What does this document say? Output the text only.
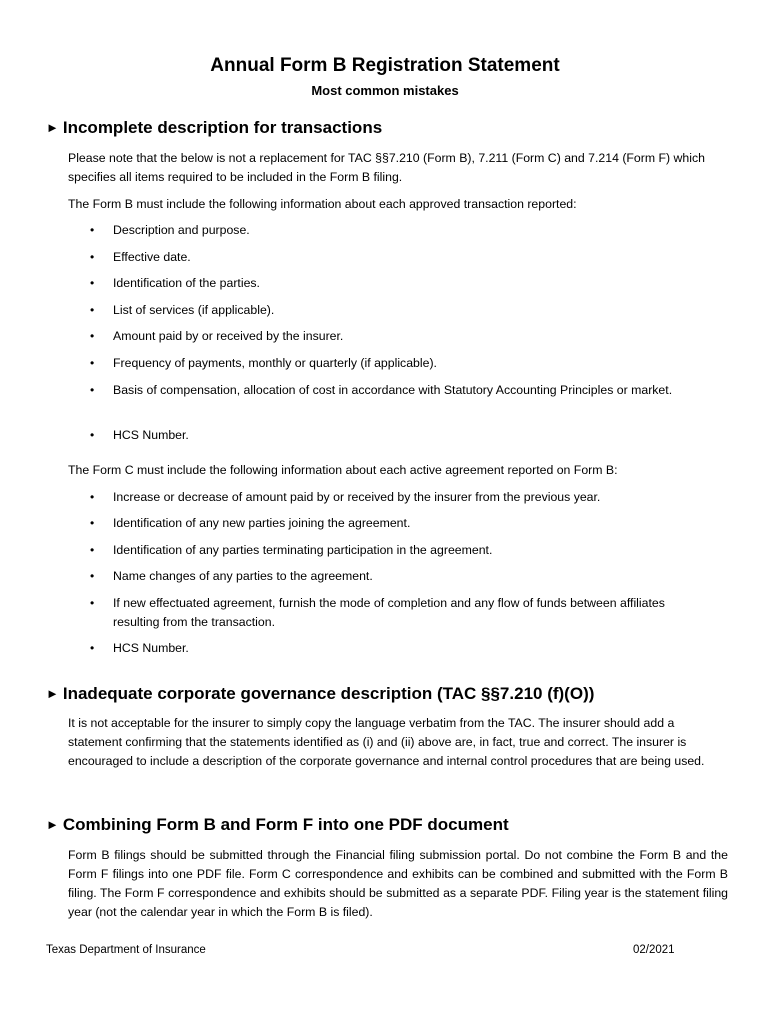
Annual Form B Registration Statement
Most common mistakes
► Incomplete description for transactions

Please note that the below is not a replacement for TAC §§7.210 (Form B), 7.211 (Form C) and 7.214 (Form F) which specifies all items required to be included in the Form B filing.

The Form B must include the following information about each approved transaction reported:

• Description and purpose.
• Effective date.
• Identification of the parties.
• List of services (if applicable).
• Amount paid by or received by the insurer.
• Frequency of payments, monthly or quarterly (if applicable).
• Basis of compensation, allocation of cost in accordance with Statutory Accounting Principles or market.
• HCS Number.

The Form C must include the following information about each active agreement reported on Form B:

• Increase or decrease of amount paid by or received by the insurer from the previous year.
• Identification of any new parties joining the agreement.
• Identification of any parties terminating participation in the agreement.
• Name changes of any parties to the agreement.
• If new effectuated agreement, furnish the mode of completion and any flow of funds between affiliates resulting from the transaction.
• HCS Number.
► Inadequate corporate governance description (TAC §§7.210 (f)(O))

It is not acceptable for the insurer to simply copy the language verbatim from the TAC. The insurer should add a statement confirming that the statements identified as (i) and (ii) above are, in fact, true and correct. The insurer is encouraged to include a description of the corporate governance and internal control procedures that are being used.

► Combining Form B and Form F into one PDF document

Form B filings should be submitted through the Financial filing submission portal. Do not combine the Form B and the Form F filings into one PDF file. Form C correspondence and exhibits can be combined and submitted with the Form B filing. The Form F correspondence and exhibits should be submitted as a separate PDF. Filing year is the statement filing year (not the calendar year in which the Form B is filed).

Texas Department of Insurance	02/2021
